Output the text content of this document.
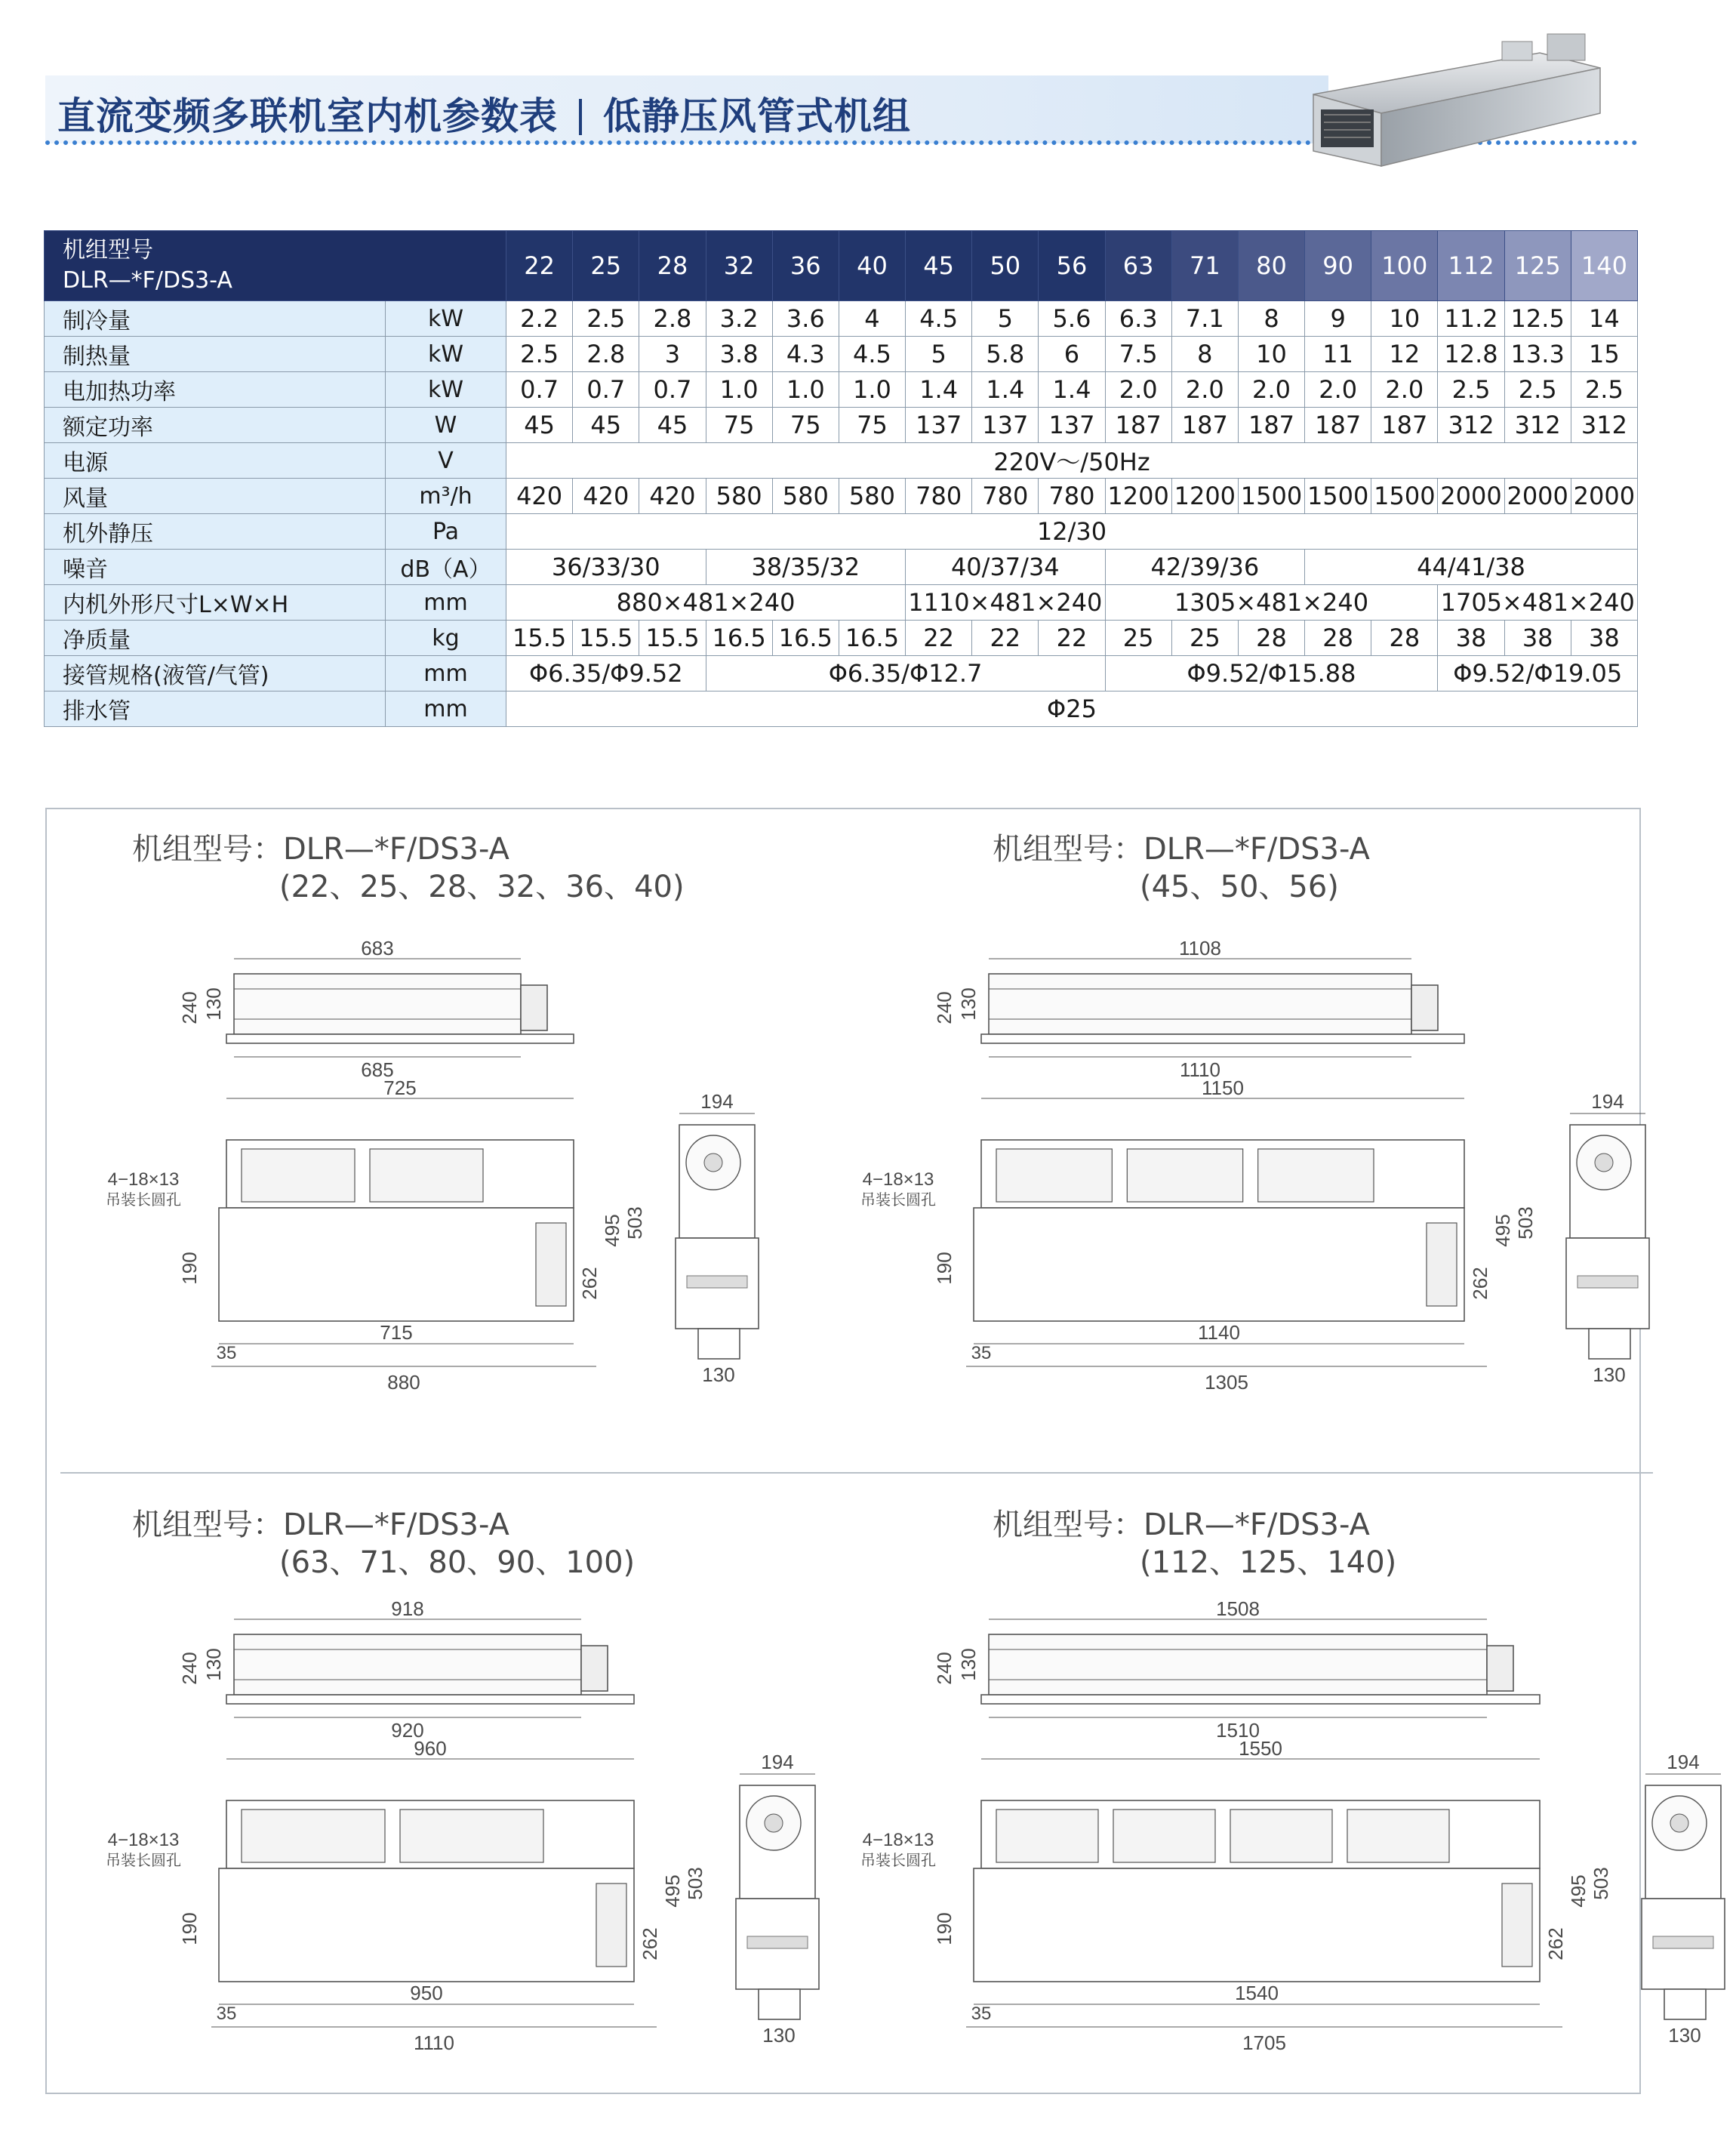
直流变频多联机室内机参数表 低静压风管式机组
机组型号
DLR—*F/DS3-A		22	25	28	32	36	40	45	50	56	63	71	80	90	100	112	125	140
制冷量	kW	2.2	2.5	2.8	3.2	3.6	4	4.5	5	5.6	6.3	7.1	8	9	10	11.2	12.5	14
制热量	kW	2.5	2.8	3	3.8	4.3	4.5	5	5.8	6	7.5	8	10	11	12	12.8	13.3	15
电加热功率	kW	0.7	0.7	0.7	1.0	1.0	1.0	1.4	1.4	1.4	2.0	2.0	2.0	2.0	2.0	2.5	2.5	2.5
额定功率	W	45	45	45	75	75	75	137	137	137	187	187	187	187	187	312	312	312
电源	V	220V～/50Hz																
风量	m³/h	420	420	420	580	580	580	780	780	780	1200	1200	1500	1500	1500	2000	2000	2000
机外静压	Pa	12/30																
噪音	dB（A）	36/33/30			38/35/32			40/37/34			42/39/36			44/41/38				
内机外形尺寸L×W×H	mm	880×481×240						1110×481×240			1305×481×240					1705×481×240		
净质量	kg	15.5	15.5	15.5	16.5	16.5	16.5	22	22	22	25	25	28	28	28	38	38	38
接管规格(液管/气管)	mm	Φ6.35/Φ9.52			Φ6.35/Φ12.7						Φ9.52/Φ15.88					Φ9.52/Φ19.05		
排水管	mm	Φ25																
机组型号：DLR—*F/DS3-A
(22、25、28、32、36、40)
机组型号：DLR—*F/DS3-A
(45、50、56)
机组型号：DLR—*F/DS3-A
(63、71、80、90、100)
机组型号：DLR—*F/DS3-A
(112、125、140)
683
685
240 130
725
4−18×13
吊装长圆孔
190	262
495 503
715
880
35
194
130
1108
1110
240 130
1150
4−18×13
吊装长圆孔
190	262
495 503
1140
1305
35
194
130
918
920
240 130
960
4−18×13
吊装长圆孔
190	262
495 503
950
1110
35
194
130
1508
1510
240 130
1550
4−18×13
吊装长圆孔
190	262
495 503
1540
1705
35
194
130
